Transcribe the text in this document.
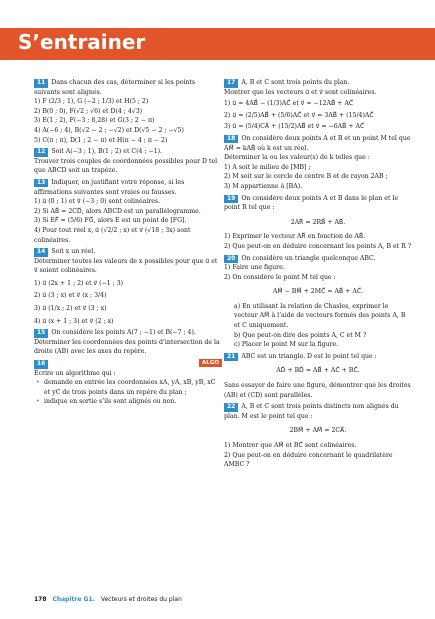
S’entrainer
11 Dans chacun des cas, déterminer si les points suivants sont alignés.
1) F (2/3 ; 1), G (−2 ; 1/3) et H(5 ; 2)
2) B(0 ; 0), F(√2 ; √6) et D(4 ; 4√3)
3) E(1 ; 2), F(−3 ; 8,28) et G(3 ; 2 − π)
4) A(−6 ; 4), B(√2 − 2 ; −√2) et D(√5 − 2 ; −√5)
5) C(π ; π), D(1 ; 2 − π) et H(π − 4 ; π − 2)
12 Soit A(−3 ; 1), B(1 ; 2) et C(4 ; −1).
Trouver trois couples de coordonnées possibles pour D tel que ABCD soit un trapèze.
13 Indiquer, en justifiant votre réponse, si les affirmations suivantes sont vraies ou fausses.
1) u⃗ (0 ; 1) et v⃗ (−3 ; 0) sont colinéaires.
2) Si AB⃗ = 2CD⃗, alors ABCD est un parallélogramme.
3) Si EF⃗ = (5/6) FG⃗, alors E est un point de [FG].
4) Pour tout réel x, u⃗ (√2/2 ; x) et v⃗ (√18 ; 3x) sont colinéaires.
14 Soit x un réel.
Déterminer toutes les valeurs de x possibles pour que u⃗ et v⃗ soient colinéaires.
1) u⃗ (2x + 1 ; 2) et v⃗ (−1 ; 3)
2) u⃗ (3 ; x) et v⃗ (x ; 3/4)
3) u⃗ (1/x ; 2) et v⃗ (3 ; x)
4) u⃗ (x + 1 ; 3) et v⃗ (2 ; x)
15 On considère les points A(7 ; −1) et B(−7 ; 4).
Déterminer les coordonnées des points d’intersection de la droite (AB) avec les axes du repère.
16	ALGO
Écrire un algorithme qui :
• demande en entrée les coordonnées xA, yA, xB, yB, xC et yC de trois points dans un repère du plan ;
• indique en sortie s’ils sont alignés ou non.
17 A, B et C sont trois points du plan.
Montrer que les vecteurs u⃗ et v⃗ sont colinéaires.
1) u⃗ = 4AB⃗ − (1/3)AC⃗ et v⃗ = −12AB⃗ + AC⃗
2) u⃗ = (2/5)AB⃗ + (5/6)AC⃗ et v⃗ = 3AB⃗ + (15/4)AC⃗
3) u⃗ = (5/4)CA⃗ + (15/2)AB⃗ et v⃗ = −6AB⃗ + AC⃗
18 On considère deux points A et B et un point M tel que AM⃗ = kAB⃗ où k est un réel.
Déterminer la ou les valeur(s) de k telles que :
1) A soit le milieu de [MB] ;
2) M soit sur le cercle de centre B et de rayon 2AB ;
3) M appartienne à [BA).
19 On considère deux points A et B dans le plan et le point R tel que :
2AR⃗ = 2RB⃗ + AB⃗.
1) Exprimer le vecteur AR⃗ en fonction de AB⃗.
2) Que peut-on en déduire concernant les points A, B et R ?
20 On considère un triangle quelconque ABC.
1) Faire une figure.
2) On considère le point M tel que :
AM⃗ − BM⃗ + 2MC⃗ = AB⃗ + AC⃗.
a) En utilisant la relation de Chasles, exprimer le vecteur AM⃗ à l’aide de vecteurs formés des points A, B et C uniquement.
b) Que peut-on dire des points A, C et M ?
c) Placer le point M sur la figure.
21 ABC est un triangle. D est le point tel que :
AD⃗ + BD⃗ = AB⃗ + AC⃗ + BC⃗.
Sans essayer de faire une figure, démontrer que les droites (AB) et (CD) sont parallèles.
22 A, B et C sont trois points distincts non alignés du plan. M est le point tel que :
2BM⃗ + AM⃗ = 2CA⃗.
1) Montrer que AM⃗ et BC⃗ sont colinéaires.
2) Que peut-on en déduire concernant le quadrilatère AMBC ?
178 Chapitre G1. Vecteurs et droites du plan
